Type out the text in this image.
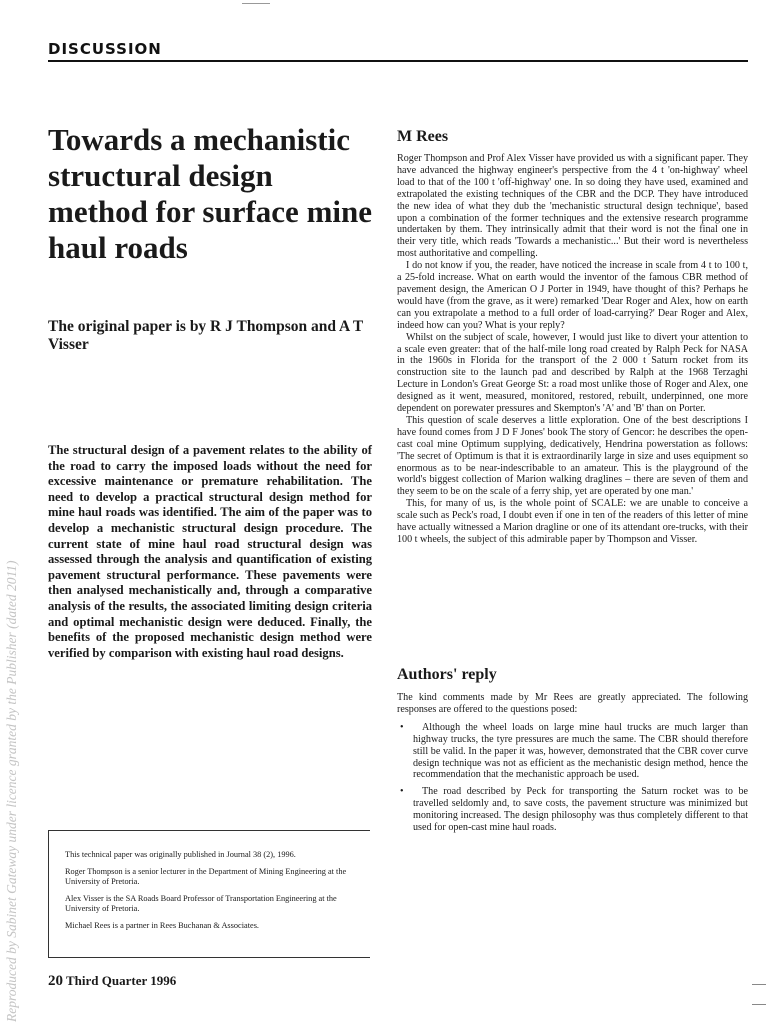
DISCUSSION
Towards a mechanistic structural design method for surface mine haul roads
The original paper is by R J Thompson and A T Visser

The structural design of a pavement relates to the ability of the road to carry the imposed loads without the need for excessive maintenance or premature rehabilitation. The need to develop a practical structural design method for mine haul roads was identified. The aim of the paper was to develop a mechanistic structural design procedure. The current state of mine haul road structural design was assessed through the analysis and quantification of existing pavement structural performance. These pavements were then analysed mechanistically and, through a comparative analysis of the results, the associated limiting design criteria and optimal mechanistic design were deduced. Finally, the benefits of the proposed mechanistic design method were verified by comparison with existing haul road designs.

M Rees

Roger Thompson and Prof Alex Visser have provided us with a significant paper. They have advanced the highway engineer's perspective from the 4 t 'on-highway' wheel load to that of the 100 t 'off-highway' one. In so doing they have used, examined and extrapolated the existing techniques of the CBR and the DCP. They have introduced the new idea of what they dub the 'mechanistic structural design technique', based upon a combination of the former techniques and the extensive research programme undertaken by them. They intrinsically admit that their word is not the final one in their very title, which reads 'Towards a mechanistic...' But their word is nevertheless most authoritative and compelling.

I do not know if you, the reader, have noticed the increase in scale from 4 t to 100 t, a 25-fold increase. What on earth would the inventor of the famous CBR method of pavement design, the American O J Porter in 1949, have thought of this? Perhaps he would have (from the grave, as it were) remarked 'Dear Roger and Alex, how on earth can you extrapolate a method to a full order of load-carrying?' Dear Roger and Alex, indeed how can you? What is your reply?

Whilst on the subject of scale, however, I would just like to divert your attention to a scale even greater: that of the half-mile long road created by Ralph Peck for NASA in the 1960s in Florida for the transport of the 2 000 t Saturn rocket from its construction site to the launch pad and described by Ralph at the 1968 Terzaghi Lecture in London's Great George St: a road most unlike those of Roger and Alex, one designed as it went, measured, monitored, restored, rebuilt, underpinned, one more dependent on porewater pressures and Skempton's 'A' and 'B' than on Porter.

This question of scale deserves a little exploration. One of the best descriptions I have found comes from J D F Jones' book The story of Gencor: he describes the open-cast coal mine Optimum supplying, dedicatively, Hendrina powerstation as follows: 'The secret of Optimum is that it is extraordinarily large in size and uses equipment so enormous as to be near-indescribable to an amateur. This is the playground of the world's biggest collection of Marion walking draglines – there are seven of them and they seem to be on the scale of a ferry ship, yet are operated by one man.'

This, for many of us, is the whole point of SCALE: we are unable to conceive a scale such as Peck's road, I doubt even if one in ten of the readers of this letter of mine have actually witnessed a Marion dragline or one of its attendant ore-trucks, with their 100 t wheels, the subject of this admirable paper by Thompson and Visser.

Authors' reply

The kind comments made by Mr Rees are greatly appreciated. The following responses are offered to the questions posed:

•	Although the wheel loads on large mine haul trucks are much larger than highway trucks, the tyre pressures are much the same. The CBR should therefore still be valid. In the paper it was, however, demonstrated that the CBR cover curve design technique was not as efficient as the mechanistic design method, hence the recommendation that the mechanistic approach be used.

•	The road described by Peck for transporting the Saturn rocket was to be travelled seldomly and, to save costs, the pavement structure was minimized but monitoring increased. The design philosophy was thus completely different to that used for open-cast mine haul roads.

This technical paper was originally published in Journal 38 (2), 1996.

Roger Thompson is a senior lecturer in the Department of Mining Engineering at the University of Pretoria.

Alex Visser is the SA Roads Board Professor of Transportation Engineering at the University of Pretoria.

Michael Rees is a partner in Rees Buchanan & Associates.

20 Third Quarter 1996
Reproduced by Sabinet Gateway under licence granted by the Publisher (dated 2011)
